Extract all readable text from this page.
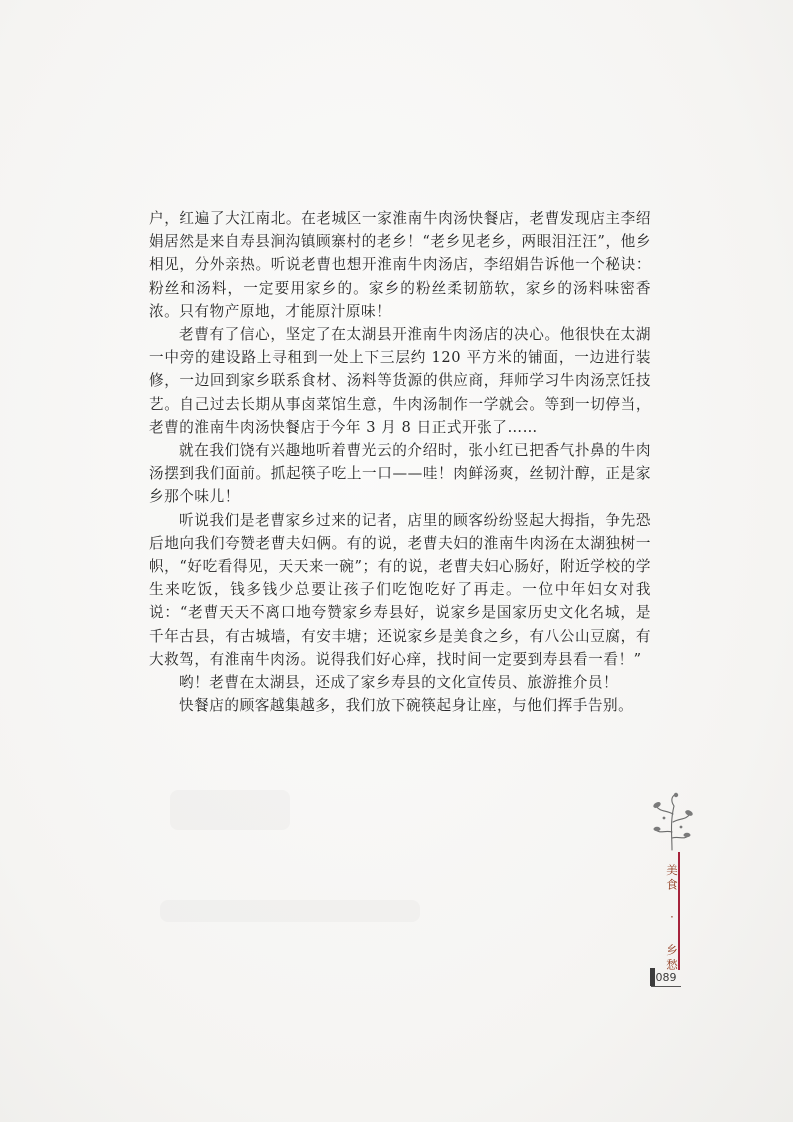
户，红遍了大江南北。在老城区一家淮南牛肉汤快餐店，老曹发现店主李绍娟居然是来自寿县涧沟镇顾寨村的老乡！“老乡见老乡，两眼泪汪汪”，他乡相见，分外亲热。听说老曹也想开淮南牛肉汤店，李绍娟告诉他一个秘诀：粉丝和汤料，一定要用家乡的。家乡的粉丝柔韧筋软，家乡的汤料味密香浓。只有物产原地，才能原汁原味！

老曹有了信心，坚定了在太湖县开淮南牛肉汤店的决心。他很快在太湖一中旁的建设路上寻租到一处上下三层约 120 平方米的铺面，一边进行装修，一边回到家乡联系食材、汤料等货源的供应商，拜师学习牛肉汤烹饪技艺。自己过去长期从事卤菜馆生意，牛肉汤制作一学就会。等到一切停当，老曹的淮南牛肉汤快餐店于今年 3 月 8 日正式开张了……

就在我们饶有兴趣地听着曹光云的介绍时，张小红已把香气扑鼻的牛肉汤摆到我们面前。抓起筷子吃上一口——哇！肉鲜汤爽，丝韧汁醇，正是家乡那个味儿！

听说我们是老曹家乡过来的记者，店里的顾客纷纷竖起大拇指，争先恐后地向我们夸赞老曹夫妇俩。有的说，老曹夫妇的淮南牛肉汤在太湖独树一帜，“好吃看得见，天天来一碗”；有的说，老曹夫妇心肠好，附近学校的学生来吃饭，钱多钱少总要让孩子们吃饱吃好了再走。一位中年妇女对我说：“老曹天天不离口地夸赞家乡寿县好，说家乡是国家历史文化名城，是千年古县，有古城墙，有安丰塘；还说家乡是美食之乡，有八公山豆腐，有大救驾，有淮南牛肉汤。说得我们好心痒，找时间一定要到寿县看一看！”

哟！老曹在太湖县，还成了家乡寿县的文化宣传员、旅游推介员！

快餐店的顾客越集越多，我们放下碗筷起身让座，与他们挥手告别。

美食 · 乡愁
089
